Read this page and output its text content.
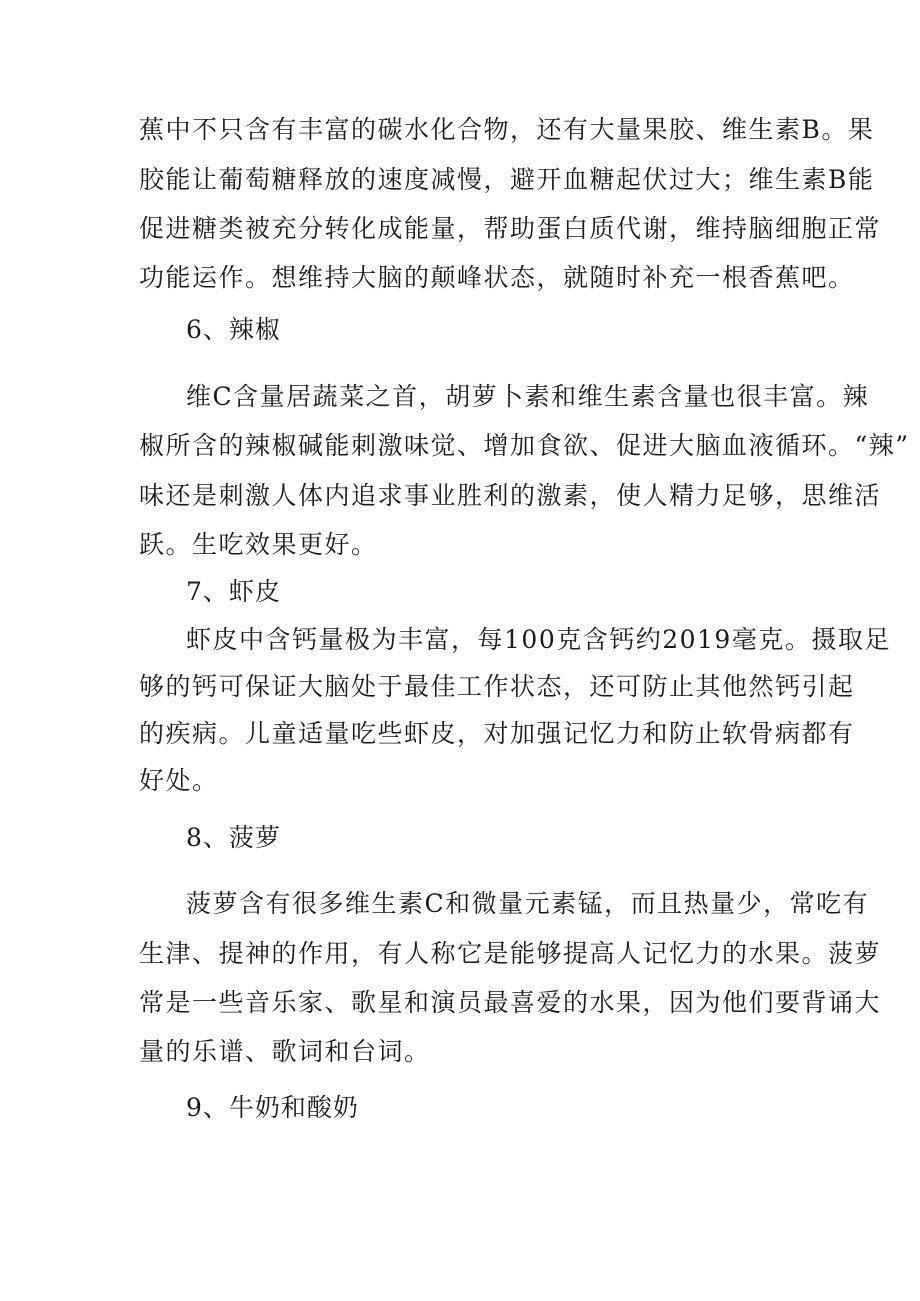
蕉中不只含有丰富的碳水化合物，还有大量果胶、维生素B。果
胶能让葡萄糖释放的速度减慢，避开血糖起伏过大；维生素B能
促进糖类被充分转化成能量，帮助蛋白质代谢，维持脑细胞正常
功能运作。想维持大脑的颠峰状态，就随时补充一根香蕉吧。
6、辣椒
维C含量居蔬菜之首，胡萝卜素和维生素含量也很丰富。辣
椒所含的辣椒碱能刺激味觉、增加食欲、促进大脑血液循环。“辣”
味还是刺激人体内追求事业胜利的激素，使人精力足够，思维活
跃。生吃效果更好。
7、虾皮
虾皮中含钙量极为丰富，每100克含钙约2019毫克。摄取足
够的钙可保证大脑处于最佳工作状态，还可防止其他然钙引起
的疾病。儿童适量吃些虾皮，对加强记忆力和防止软骨病都有
好处。
8、菠萝
菠萝含有很多维生素C和微量元素锰，而且热量少，常吃有
生津、提神的作用，有人称它是能够提高人记忆力的水果。菠萝
常是一些音乐家、歌星和演员最喜爱的水果，因为他们要背诵大
量的乐谱、歌词和台词。
9、牛奶和酸奶
